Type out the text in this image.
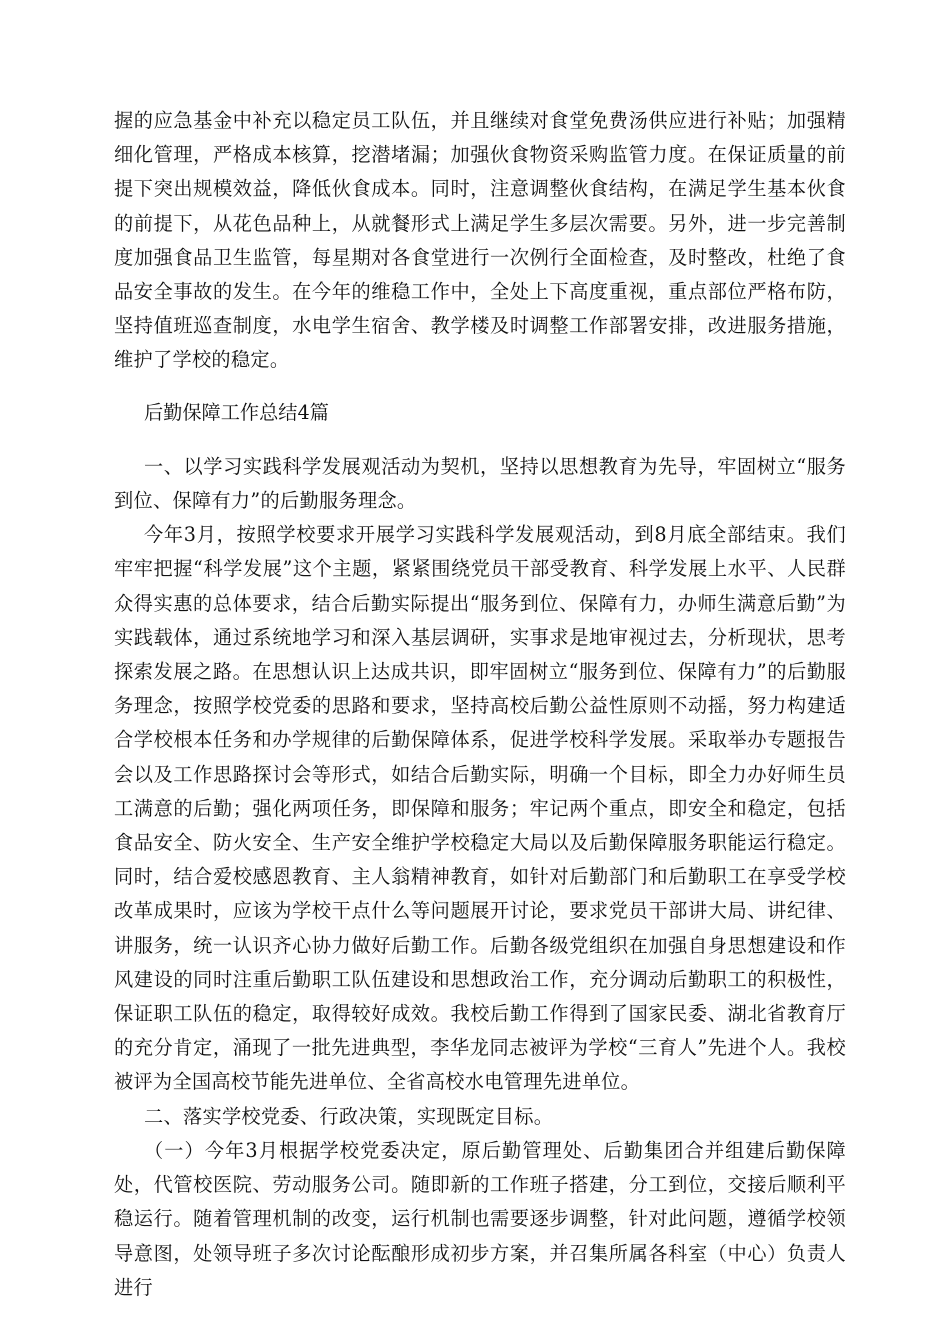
握的应急基金中补充以稳定员工队伍，并且继续对食堂免费汤供应进行补贴；加强精细化管理，严格成本核算，挖潜堵漏；加强伙食物资采购监管力度。在保证质量的前提下突出规模效益，降低伙食成本。同时，注意调整伙食结构，在满足学生基本伙食的前提下，从花色品种上，从就餐形式上满足学生多层次需要。另外，进一步完善制度加强食品卫生监管，每星期对各食堂进行一次例行全面检查，及时整改，杜绝了食品安全事故的发生。在今年的维稳工作中，全处上下高度重视，重点部位严格布防，坚持值班巡查制度，水电学生宿舍、教学楼及时调整工作部署安排，改进服务措施，维护了学校的稳定。

后勤保障工作总结4篇

一、以学习实践科学发展观活动为契机，坚持以思想教育为先导，牢固树立“服务到位、保障有力”的后勤服务理念。

今年3月，按照学校要求开展学习实践科学发展观活动，到8月底全部结束。我们牢牢把握“科学发展”这个主题，紧紧围绕党员干部受教育、科学发展上水平、人民群众得实惠的总体要求，结合后勤实际提出“服务到位、保障有力，办师生满意后勤”为实践载体，通过系统地学习和深入基层调研，实事求是地审视过去，分析现状，思考探索发展之路。在思想认识上达成共识，即牢固树立“服务到位、保障有力”的后勤服务理念，按照学校党委的思路和要求，坚持高校后勤公益性原则不动摇，努力构建适合学校根本任务和办学规律的后勤保障体系，促进学校科学发展。采取举办专题报告会以及工作思路探讨会等形式，如结合后勤实际，明确一个目标，即全力办好师生员工满意的后勤；强化两项任务，即保障和服务；牢记两个重点，即安全和稳定，包括食品安全、防火安全、生产安全维护学校稳定大局以及后勤保障服务职能运行稳定。同时，结合爱校感恩教育、主人翁精神教育，如针对后勤部门和后勤职工在享受学校改革成果时，应该为学校干点什么等问题展开讨论，要求党员干部讲大局、讲纪律、讲服务，统一认识齐心协力做好后勤工作。后勤各级党组织在加强自身思想建设和作风建设的同时注重后勤职工队伍建设和思想政治工作，充分调动后勤职工的积极性，保证职工队伍的稳定，取得较好成效。我校后勤工作得到了国家民委、湖北省教育厅的充分肯定，涌现了一批先进典型，李华龙同志被评为学校“三育人”先进个人。我校被评为全国高校节能先进单位、全省高校水电管理先进单位。

二、落实学校党委、行政决策，实现既定目标。

（一）今年3月根据学校党委决定，原后勤管理处、后勤集团合并组建后勤保障处，代管校医院、劳动服务公司。随即新的工作班子搭建，分工到位，交接后顺利平稳运行。随着管理机制的改变，运行机制也需要逐步调整，针对此问题，遵循学校领导意图，处领导班子多次讨论酝酿形成初步方案，并召集所属各科室（中心）负责人进行
